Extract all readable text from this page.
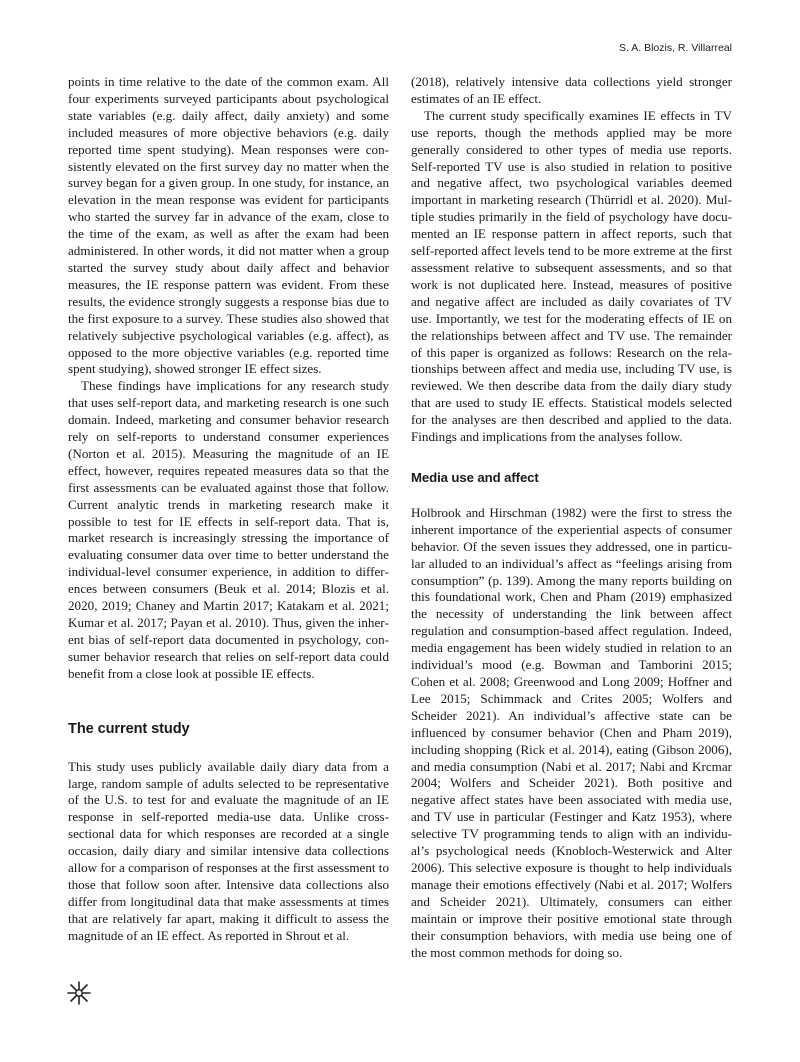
S. A. Blozis, R. Villarreal

points in time relative to the date of the common exam. All four experiments surveyed participants about psychological state variables (e.g. daily affect, daily anxiety) and some included measures of more objective behaviors (e.g. daily reported time spent studying). Mean responses were consistently elevated on the first survey day no matter when the survey began for a given group. In one study, for instance, an elevation in the mean response was evident for participants who started the survey far in advance of the exam, close to the time of the exam, as well as after the exam had been administered. In other words, it did not matter when a group started the survey study about daily affect and behavior measures, the IE response pattern was evident. From these results, the evidence strongly suggests a response bias due to the first exposure to a survey. These studies also showed that relatively subjective psychological variables (e.g. affect), as opposed to the more objective variables (e.g. reported time spent studying), showed stronger IE effect sizes.

These findings have implications for any research study that uses self-report data, and marketing research is one such domain. Indeed, marketing and consumer behavior research rely on self-reports to understand consumer experiences (Norton et al. 2015). Measuring the magnitude of an IE effect, however, requires repeated measures data so that the first assessments can be evaluated against those that follow. Current analytic trends in marketing research make it possible to test for IE effects in self-report data. That is, market research is increasingly stressing the importance of evaluating consumer data over time to better understand the individual-level consumer experience, in addition to differences between consumers (Beuk et al. 2014; Blozis et al. 2020, 2019; Chaney and Martin 2017; Katakam et al. 2021; Kumar et al. 2017; Payan et al. 2010). Thus, given the inherent bias of self-report data documented in psychology, consumer behavior research that relies on self-report data could benefit from a close look at possible IE effects.

The current study

This study uses publicly available daily diary data from a large, random sample of adults selected to be representative of the U.S. to test for and evaluate the magnitude of an IE response in self-reported media-use data. Unlike cross-sectional data for which responses are recorded at a single occasion, daily diary and similar intensive data collections allow for a comparison of responses at the first assessment to those that follow soon after. Intensive data collections also differ from longitudinal data that make assessments at times that are relatively far apart, making it difficult to assess the magnitude of an IE effect. As reported in Shrout et al.

(2018), relatively intensive data collections yield stronger estimates of an IE effect.

The current study specifically examines IE effects in TV use reports, though the methods applied may be more generally considered to other types of media use reports. Self-reported TV use is also studied in relation to positive and negative affect, two psychological variables deemed important in marketing research (Thürridl et al. 2020). Multiple studies primarily in the field of psychology have documented an IE response pattern in affect reports, such that self-reported affect levels tend to be more extreme at the first assessment relative to subsequent assessments, and so that work is not duplicated here. Instead, measures of positive and negative affect are included as daily covariates of TV use. Importantly, we test for the moderating effects of IE on the relationships between affect and TV use. The remainder of this paper is organized as follows: Research on the relationships between affect and media use, including TV use, is reviewed. We then describe data from the daily diary study that are used to study IE effects. Statistical models selected for the analyses are then described and applied to the data. Findings and implications from the analyses follow.

Media use and affect

Holbrook and Hirschman (1982) were the first to stress the inherent importance of the experiential aspects of consumer behavior. Of the seven issues they addressed, one in particular alluded to an individual’s affect as “feelings arising from consumption” (p. 139). Among the many reports building on this foundational work, Chen and Pham (2019) emphasized the necessity of understanding the link between affect regulation and consumption-based affect regulation. Indeed, media engagement has been widely studied in relation to an individual’s mood (e.g. Bowman and Tamborini 2015; Cohen et al. 2008; Greenwood and Long 2009; Hoffner and Lee 2015; Schimmack and Crites 2005; Wolfers and Scheider 2021). An individual’s affective state can be influenced by consumer behavior (Chen and Pham 2019), including shopping (Rick et al. 2014), eating (Gibson 2006), and media consumption (Nabi et al. 2017; Nabi and Krcmar 2004; Wolfers and Scheider 2021). Both positive and negative affect states have been associated with media use, and TV use in particular (Festinger and Katz 1953), where selective TV programming tends to align with an individual’s psychological needs (Knobloch-Westerwick and Alter 2006). This selective exposure is thought to help individuals manage their emotions effectively (Nabi et al. 2017; Wolfers and Scheider 2021). Ultimately, consumers can either maintain or improve their positive emotional state through their consumption behaviors, with media use being one of the most common methods for doing so.
